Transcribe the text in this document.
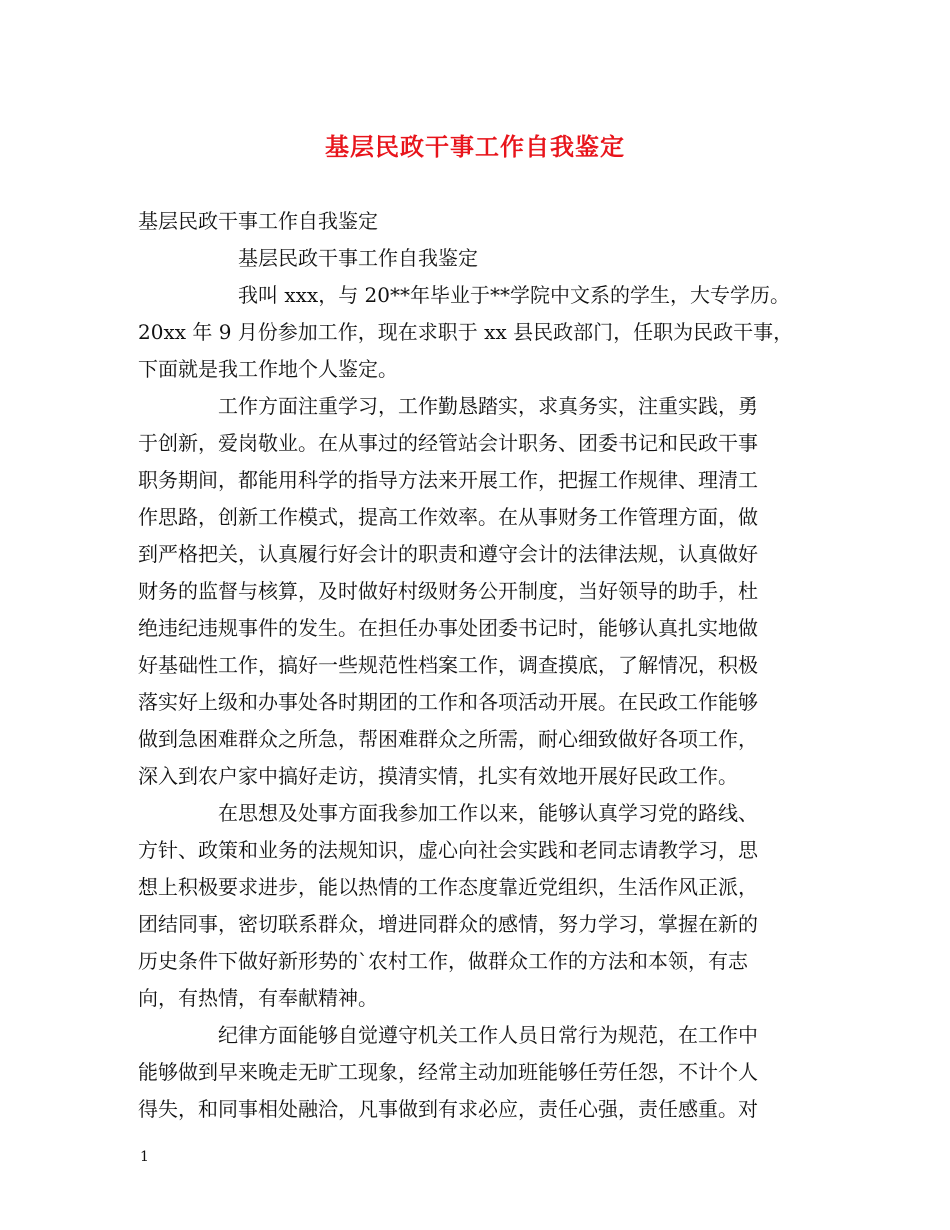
基层民政干事工作自我鉴定
基层民政干事工作自我鉴定
基层民政干事工作自我鉴定
　　　　　我叫 xxx，与 20**年毕业于**学院中文系的学生，大专学历。
20xx 年 9 月份参加工作，现在求职于 xx 县民政部门，任职为民政干事，
下面就是我工作地个人鉴定。
　　　　工作方面注重学习，工作勤恳踏实，求真务实，注重实践，勇
于创新，爱岗敬业。在从事过的经管站会计职务、团委书记和民政干事
职务期间，都能用科学的指导方法来开展工作，把握工作规律、理清工
作思路，创新工作模式，提高工作效率。在从事财务工作管理方面，做
到严格把关，认真履行好会计的职责和遵守会计的法律法规，认真做好
财务的监督与核算，及时做好村级财务公开制度，当好领导的助手，杜
绝违纪违规事件的发生。在担任办事处团委书记时，能够认真扎实地做
好基础性工作，搞好一些规范性档案工作，调查摸底，了解情况，积极
落实好上级和办事处各时期团的工作和各项活动开展。在民政工作能够
做到急困难群众之所急，帮困难群众之所需，耐心细致做好各项工作，
深入到农户家中搞好走访，摸清实情，扎实有效地开展好民政工作。
　　　　在思想及处事方面我参加工作以来，能够认真学习党的路线、
方针、政策和业务的法规知识，虚心向社会实践和老同志请教学习，思
想上积极要求进步，能以热情的工作态度靠近党组织，生活作风正派，
团结同事，密切联系群众，增进同群众的感情，努力学习，掌握在新的
历史条件下做好新形势的`农村工作，做群众工作的方法和本领，有志
向，有热情，有奉献精神。
　　　　纪律方面能够自觉遵守机关工作人员日常行为规范，在工作中
能够做到早来晚走无旷工现象，经常主动加班能够任劳任怨，不计个人
得失，和同事相处融洽，凡事做到有求必应，责任心强，责任感重。对
1
